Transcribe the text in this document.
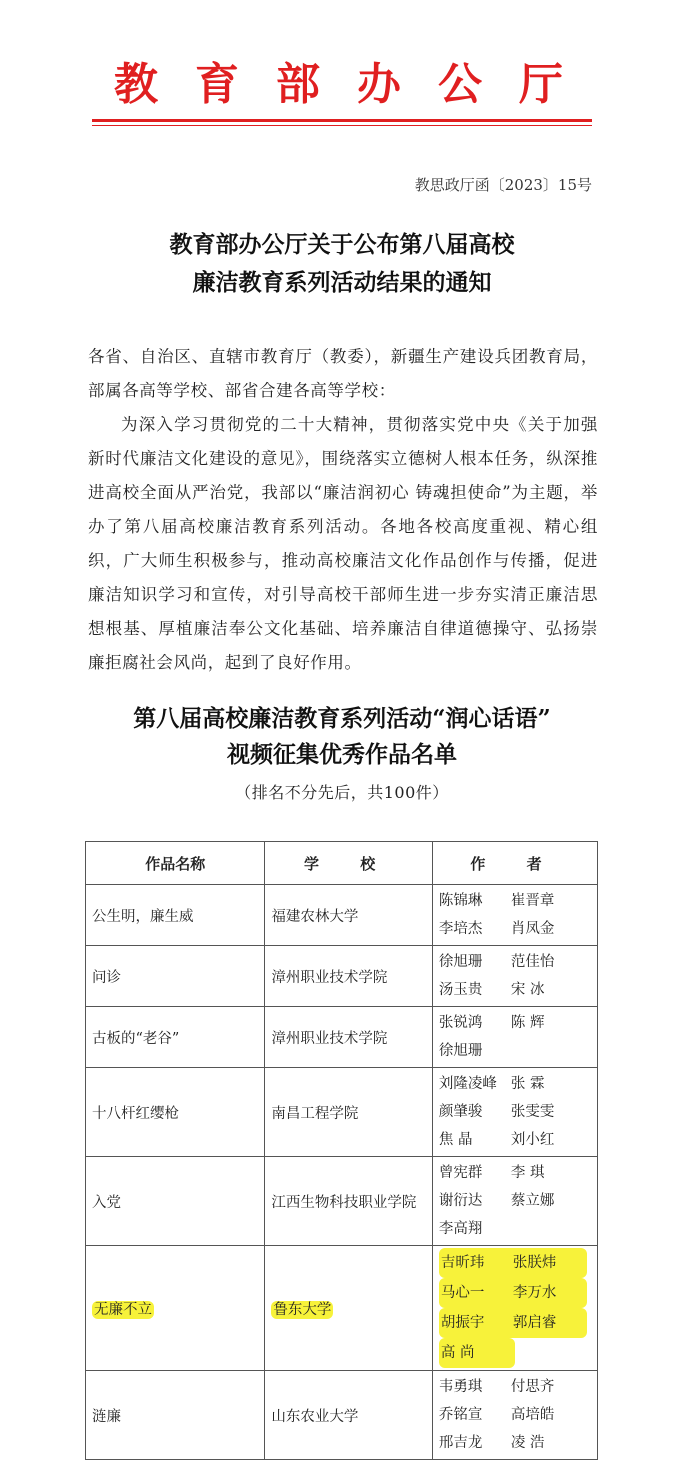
教育部办公厅
教思政厅函〔2023〕15号
教育部办公厅关于公布第八届高校
廉洁教育系列活动结果的通知

各省、自治区、直辖市教育厅（教委），新疆生产建设兵团教育局，部属各高等学校、部省合建各高等学校：

为深入学习贯彻党的二十大精神，贯彻落实党中央《关于加强新时代廉洁文化建设的意见》，围绕落实立德树人根本任务，纵深推进高校全面从严治党，我部以“廉洁润初心 铸魂担使命”为主题，举办了第八届高校廉洁教育系列活动。各地各校高度重视、精心组织，广大师生积极参与，推动高校廉洁文化作品创作与传播，促进廉洁知识学习和宣传，对引导高校干部师生进一步夯实清正廉洁思想根基、厚植廉洁奉公文化基础、培养廉洁自律道德操守、弘扬崇廉拒腐社会风尚，起到了良好作用。

第八届高校廉洁教育系列活动“润心话语”
视频征集优秀作品名单
（排名不分先后，共100件）
作品名称	学 校	作 者
公生明，廉生威	福建农林大学	陈锦琳 崔晋章
李培杰 肖凤金

问诊	漳州职业技术学院	徐旭珊 范佳怡
汤玉贵 宋 冰

古板的“老谷”	漳州职业技术学院	张锐鸿 陈 辉
徐旭珊

十八杆红缨枪	南昌工程学院	刘隆凌峰 张 霖
颜肇骏 张雯雯
焦 晶 刘小红

入党	江西生物科技职业学院	曾宪群 李 琪
谢衍达 蔡立娜
李高翔

无廉不立	鲁东大学	吉昕玮 张朕炜
马心一 李万水
胡振宇 郭启睿
高 尚

涟廉	山东农业大学	韦勇琪 付思齐
乔铭宣 高培皓
邢吉龙 凌 浩
